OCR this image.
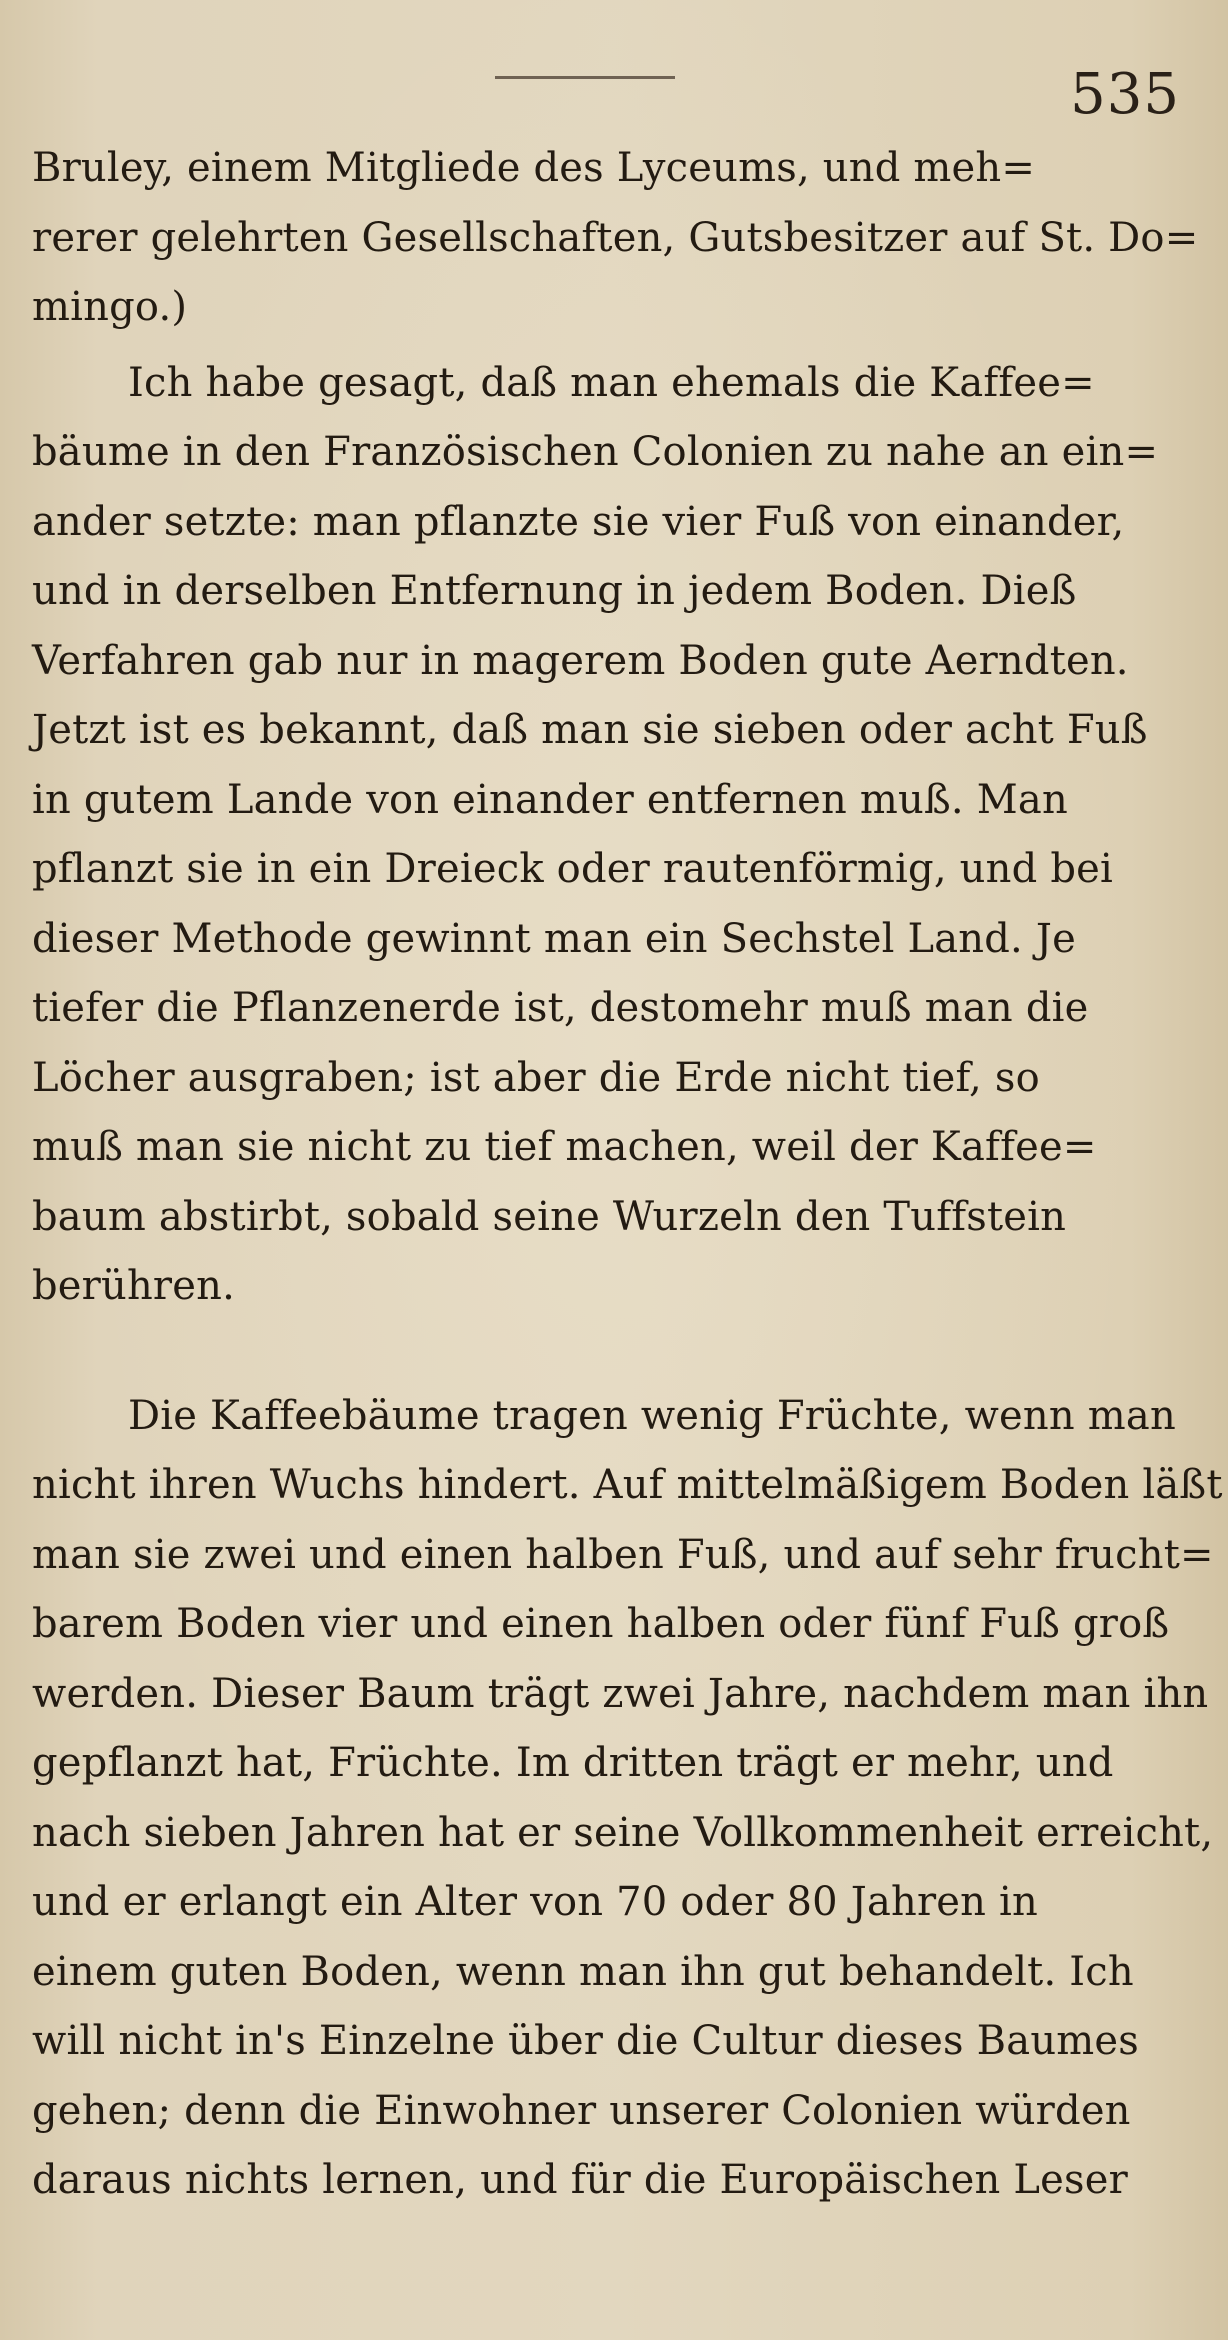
535
Bruley, einem Mitgliede des Lyceums, und meh=
rerer gelehrten Gesellschaften, Gutsbesitzer auf St. Do=
mingo.)
Ich habe gesagt, daß man ehemals die Kaffee=
bäume in den Französischen Colonien zu nahe an ein=
ander setzte: man pflanzte sie vier Fuß von einander,
und in derselben Entfernung in jedem Boden. Dieß
Verfahren gab nur in magerem Boden gute Aerndten.
Jetzt ist es bekannt, daß man sie sieben oder acht Fuß
in gutem Lande von einander entfernen muß. Man
pflanzt sie in ein Dreieck oder rautenförmig, und bei
dieser Methode gewinnt man ein Sechstel Land. Je
tiefer die Pflanzenerde ist, destomehr muß man die
Löcher ausgraben; ist aber die Erde nicht tief, so
muß man sie nicht zu tief machen, weil der Kaffee=
baum abstirbt, sobald seine Wurzeln den Tuffstein
berühren.
Die Kaffeebäume tragen wenig Früchte, wenn man
nicht ihren Wuchs hindert. Auf mittelmäßigem Boden läßt
man sie zwei und einen halben Fuß, und auf sehr frucht=
barem Boden vier und einen halben oder fünf Fuß groß
werden. Dieser Baum trägt zwei Jahre, nachdem man ihn
gepflanzt hat, Früchte. Im dritten trägt er mehr, und
nach sieben Jahren hat er seine Vollkommenheit erreicht,
und er erlangt ein Alter von 70 oder 80 Jahren in
einem guten Boden, wenn man ihn gut behandelt. Ich
will nicht in's Einzelne über die Cultur dieses Baumes
gehen; denn die Einwohner unserer Colonien würden
daraus nichts lernen, und für die Europäischen Leser
